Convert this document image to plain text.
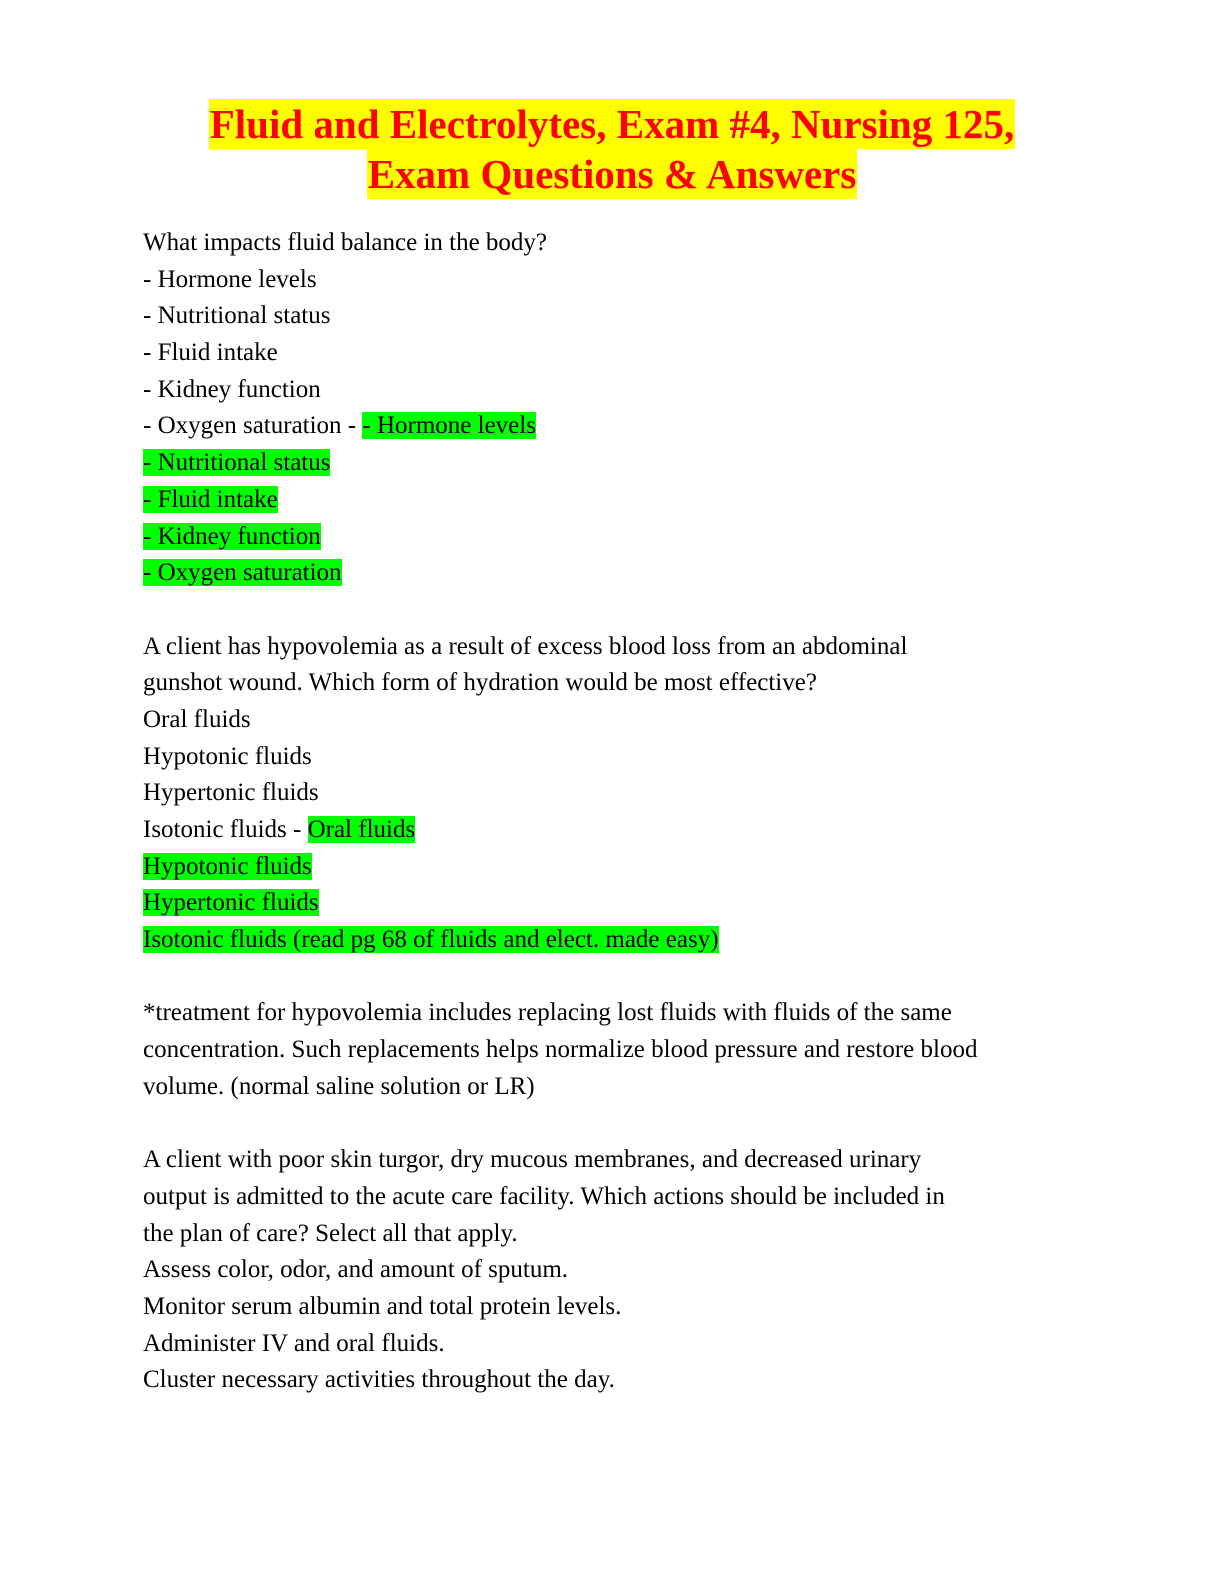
Fluid and Electrolytes, Exam #4, Nursing 125,
Exam Questions & Answers
What impacts fluid balance in the body?
- Hormone levels
- Nutritional status
- Fluid intake
- Kidney function
- Oxygen saturation - - Hormone levels
- Nutritional status
- Fluid intake
- Kidney function
- Oxygen saturation
A client has hypovolemia as a result of excess blood loss from an abdominal
gunshot wound. Which form of hydration would be most effective?
Oral fluids
Hypotonic fluids
Hypertonic fluids
Isotonic fluids - Oral fluids
Hypotonic fluids
Hypertonic fluids
Isotonic fluids (read pg 68 of fluids and elect. made easy)
*treatment for hypovolemia includes replacing lost fluids with fluids of the same
concentration. Such replacements helps normalize blood pressure and restore blood
volume. (normal saline solution or LR)
A client with poor skin turgor, dry mucous membranes, and decreased urinary
output is admitted to the acute care facility. Which actions should be included in
the plan of care? Select all that apply.
Assess color, odor, and amount of sputum.
Monitor serum albumin and total protein levels.
Administer IV and oral fluids.
Cluster necessary activities throughout the day.
